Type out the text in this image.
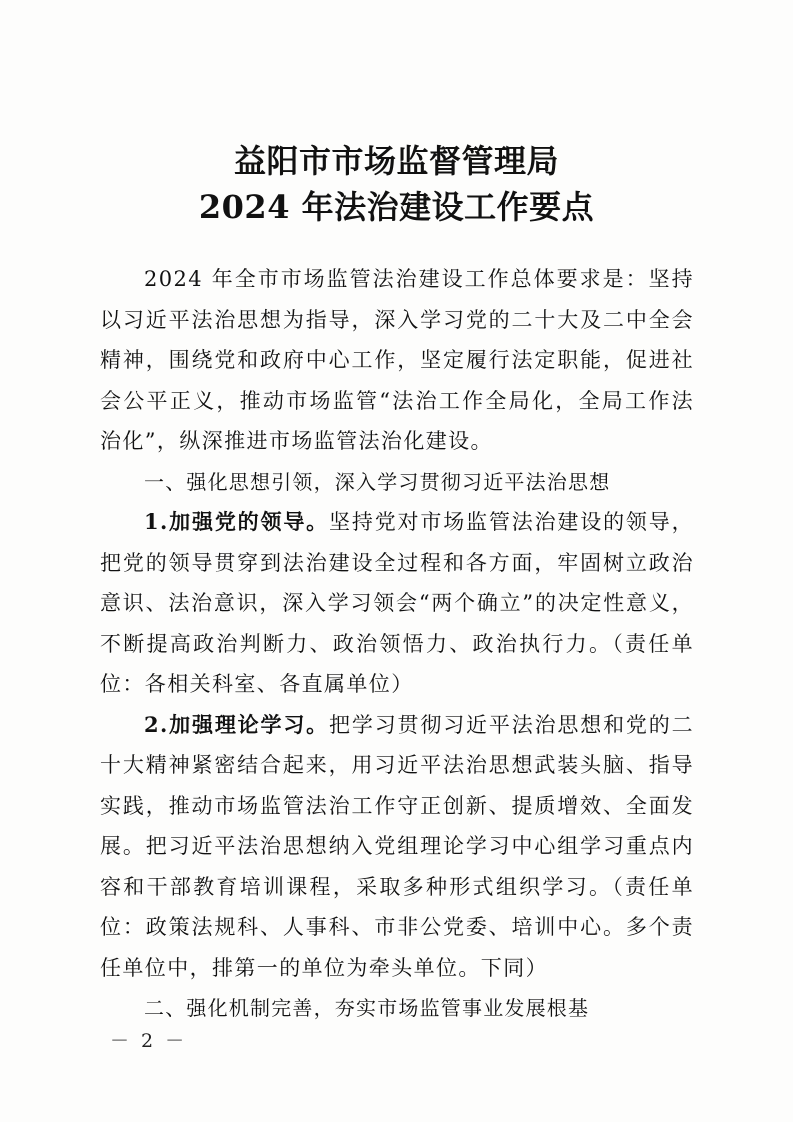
益阳市市场监督管理局
2024 年法治建设工作要点

2024 年全市市场监管法治建设工作总体要求是：坚持以习近平法治思想为指导，深入学习党的二十大及二中全会精神，围绕党和政府中心工作，坚定履行法定职能，促进社会公平正义，推动市场监管“法治工作全局化，全局工作法治化”，纵深推进市场监管法治化建设。

一、强化思想引领，深入学习贯彻习近平法治思想

1.加强党的领导。坚持党对市场监管法治建设的领导，把党的领导贯穿到法治建设全过程和各方面，牢固树立政治意识、法治意识，深入学习领会“两个确立”的决定性意义，不断提高政治判断力、政治领悟力、政治执行力。（责任单位：各相关科室、各直属单位）

2.加强理论学习。把学习贯彻习近平法治思想和党的二十大精神紧密结合起来，用习近平法治思想武装头脑、指导实践，推动市场监管法治工作守正创新、提质增效、全面发展。把习近平法治思想纳入党组理论学习中心组学习重点内容和干部教育培训课程，采取多种形式组织学习。（责任单位：政策法规科、人事科、市非公党委、培训中心。多个责任单位中，排第一的单位为牵头单位。下同）

二、强化机制完善，夯实市场监管事业发展根基

－ 2 －
